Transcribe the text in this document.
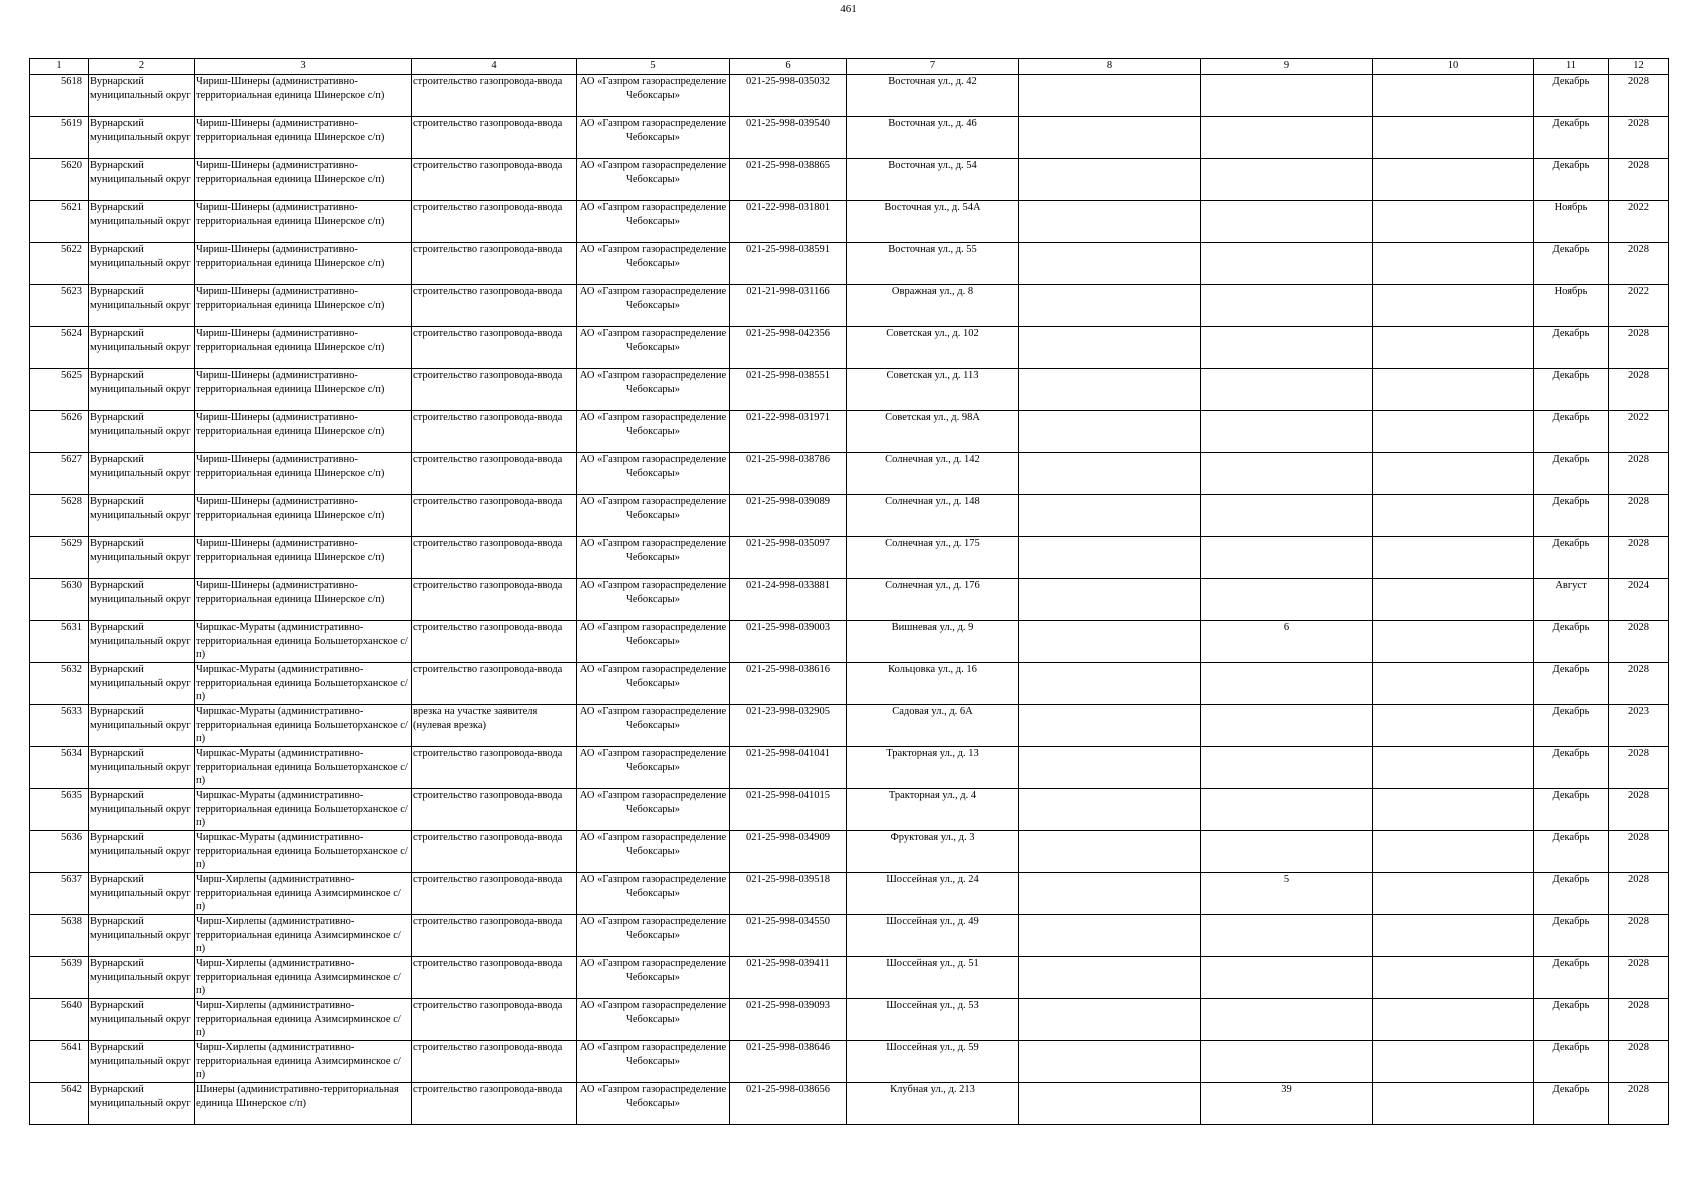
461
1	2	3	4	5	6	7	8	9	10	11	12
5618	Вурнарский муниципальный округ	Чириш-Шинеры (административно-территориальная единица Шинерское с/п)	строительство газопровода-ввода	АО «Газпром газораспределение Чебоксары»	021-25-998-035032	Восточная ул., д. 42				Декабрь	2028
5619	Вурнарский муниципальный округ	Чириш-Шинеры (административно-территориальная единица Шинерское с/п)	строительство газопровода-ввода	АО «Газпром газораспределение Чебоксары»	021-25-998-039540	Восточная ул., д. 46				Декабрь	2028
5620	Вурнарский муниципальный округ	Чириш-Шинеры (административно-территориальная единица Шинерское с/п)	строительство газопровода-ввода	АО «Газпром газораспределение Чебоксары»	021-25-998-038865	Восточная ул., д. 54				Декабрь	2028
5621	Вурнарский муниципальный округ	Чириш-Шинеры (административно-территориальная единица Шинерское с/п)	строительство газопровода-ввода	АО «Газпром газораспределение Чебоксары»	021-22-998-031801	Восточная ул., д. 54А				Ноябрь	2022
5622	Вурнарский муниципальный округ	Чириш-Шинеры (административно-территориальная единица Шинерское с/п)	строительство газопровода-ввода	АО «Газпром газораспределение Чебоксары»	021-25-998-038591	Восточная ул., д. 55				Декабрь	2028
5623	Вурнарский муниципальный округ	Чириш-Шинеры (административно-территориальная единица Шинерское с/п)	строительство газопровода-ввода	АО «Газпром газораспределение Чебоксары»	021-21-998-031166	Овражная ул., д. 8				Ноябрь	2022
5624	Вурнарский муниципальный округ	Чириш-Шинеры (административно-территориальная единица Шинерское с/п)	строительство газопровода-ввода	АО «Газпром газораспределение Чебоксары»	021-25-998-042356	Советская ул., д. 102				Декабрь	2028
5625	Вурнарский муниципальный округ	Чириш-Шинеры (административно-территориальная единица Шинерское с/п)	строительство газопровода-ввода	АО «Газпром газораспределение Чебоксары»	021-25-998-038551	Советская ул., д. 113				Декабрь	2028
5626	Вурнарский муниципальный округ	Чириш-Шинеры (административно-территориальная единица Шинерское с/п)	строительство газопровода-ввода	АО «Газпром газораспределение Чебоксары»	021-22-998-031971	Советская ул., д. 98А				Декабрь	2022
5627	Вурнарский муниципальный округ	Чириш-Шинеры (административно-территориальная единица Шинерское с/п)	строительство газопровода-ввода	АО «Газпром газораспределение Чебоксары»	021-25-998-038786	Солнечная ул., д. 142				Декабрь	2028
5628	Вурнарский муниципальный округ	Чириш-Шинеры (административно-территориальная единица Шинерское с/п)	строительство газопровода-ввода	АО «Газпром газораспределение Чебоксары»	021-25-998-039089	Солнечная ул., д. 148				Декабрь	2028
5629	Вурнарский муниципальный округ	Чириш-Шинеры (административно-территориальная единица Шинерское с/п)	строительство газопровода-ввода	АО «Газпром газораспределение Чебоксары»	021-25-998-035097	Солнечная ул., д. 175				Декабрь	2028
5630	Вурнарский муниципальный округ	Чириш-Шинеры (административно-территориальная единица Шинерское с/п)	строительство газопровода-ввода	АО «Газпром газораспределение Чебоксары»	021-24-998-033881	Солнечная ул., д. 176				Август	2024
5631	Вурнарский муниципальный округ	Чиршкас-Мураты (административно-территориальная единица Большеторханское с/п)	строительство газопровода-ввода	АО «Газпром газораспределение Чебоксары»	021-25-998-039003	Вишневая ул., д. 9		6		Декабрь	2028
5632	Вурнарский муниципальный округ	Чиршкас-Мураты (административно-территориальная единица Большеторханское с/п)	строительство газопровода-ввода	АО «Газпром газораспределение Чебоксары»	021-25-998-038616	Кольцовка ул., д. 16				Декабрь	2028
5633	Вурнарский муниципальный округ	Чиршкас-Мураты (административно-территориальная единица Большеторханское с/п)	врезка на участке заявителя (нулевая врезка)	АО «Газпром газораспределение Чебоксары»	021-23-998-032905	Садовая ул., д. 6А				Декабрь	2023
5634	Вурнарский муниципальный округ	Чиршкас-Мураты (административно-территориальная единица Большеторханское с/п)	строительство газопровода-ввода	АО «Газпром газораспределение Чебоксары»	021-25-998-041041	Тракторная ул., д. 13				Декабрь	2028
5635	Вурнарский муниципальный округ	Чиршкас-Мураты (административно-территориальная единица Большеторханское с/п)	строительство газопровода-ввода	АО «Газпром газораспределение Чебоксары»	021-25-998-041015	Тракторная ул., д. 4				Декабрь	2028
5636	Вурнарский муниципальный округ	Чиршкас-Мураты (административно-территориальная единица Большеторханское с/п)	строительство газопровода-ввода	АО «Газпром газораспределение Чебоксары»	021-25-998-034909	Фруктовая ул., д. 3				Декабрь	2028
5637	Вурнарский муниципальный округ	Чирш-Хирлепы (административно-территориальная единица Азимсирминское с/п)	строительство газопровода-ввода	АО «Газпром газораспределение Чебоксары»	021-25-998-039518	Шоссейная ул., д. 24		5		Декабрь	2028
5638	Вурнарский муниципальный округ	Чирш-Хирлепы (административно-территориальная единица Азимсирминское с/п)	строительство газопровода-ввода	АО «Газпром газораспределение Чебоксары»	021-25-998-034550	Шоссейная ул., д. 49				Декабрь	2028
5639	Вурнарский муниципальный округ	Чирш-Хирлепы (административно-территориальная единица Азимсирминское с/п)	строительство газопровода-ввода	АО «Газпром газораспределение Чебоксары»	021-25-998-039411	Шоссейная ул., д. 51				Декабрь	2028
5640	Вурнарский муниципальный округ	Чирш-Хирлепы (административно-территориальная единица Азимсирминское с/п)	строительство газопровода-ввода	АО «Газпром газораспределение Чебоксары»	021-25-998-039093	Шоссейная ул., д. 53				Декабрь	2028
5641	Вурнарский муниципальный округ	Чирш-Хирлепы (административно-территориальная единица Азимсирминское с/п)	строительство газопровода-ввода	АО «Газпром газораспределение Чебоксары»	021-25-998-038646	Шоссейная ул., д. 59				Декабрь	2028
5642	Вурнарский муниципальный округ	Шинеры (административно-территориальная единица Шинерское с/п)	строительство газопровода-ввода	АО «Газпром газораспределение Чебоксары»	021-25-998-038656	Клубная ул., д. 213		39		Декабрь	2028
